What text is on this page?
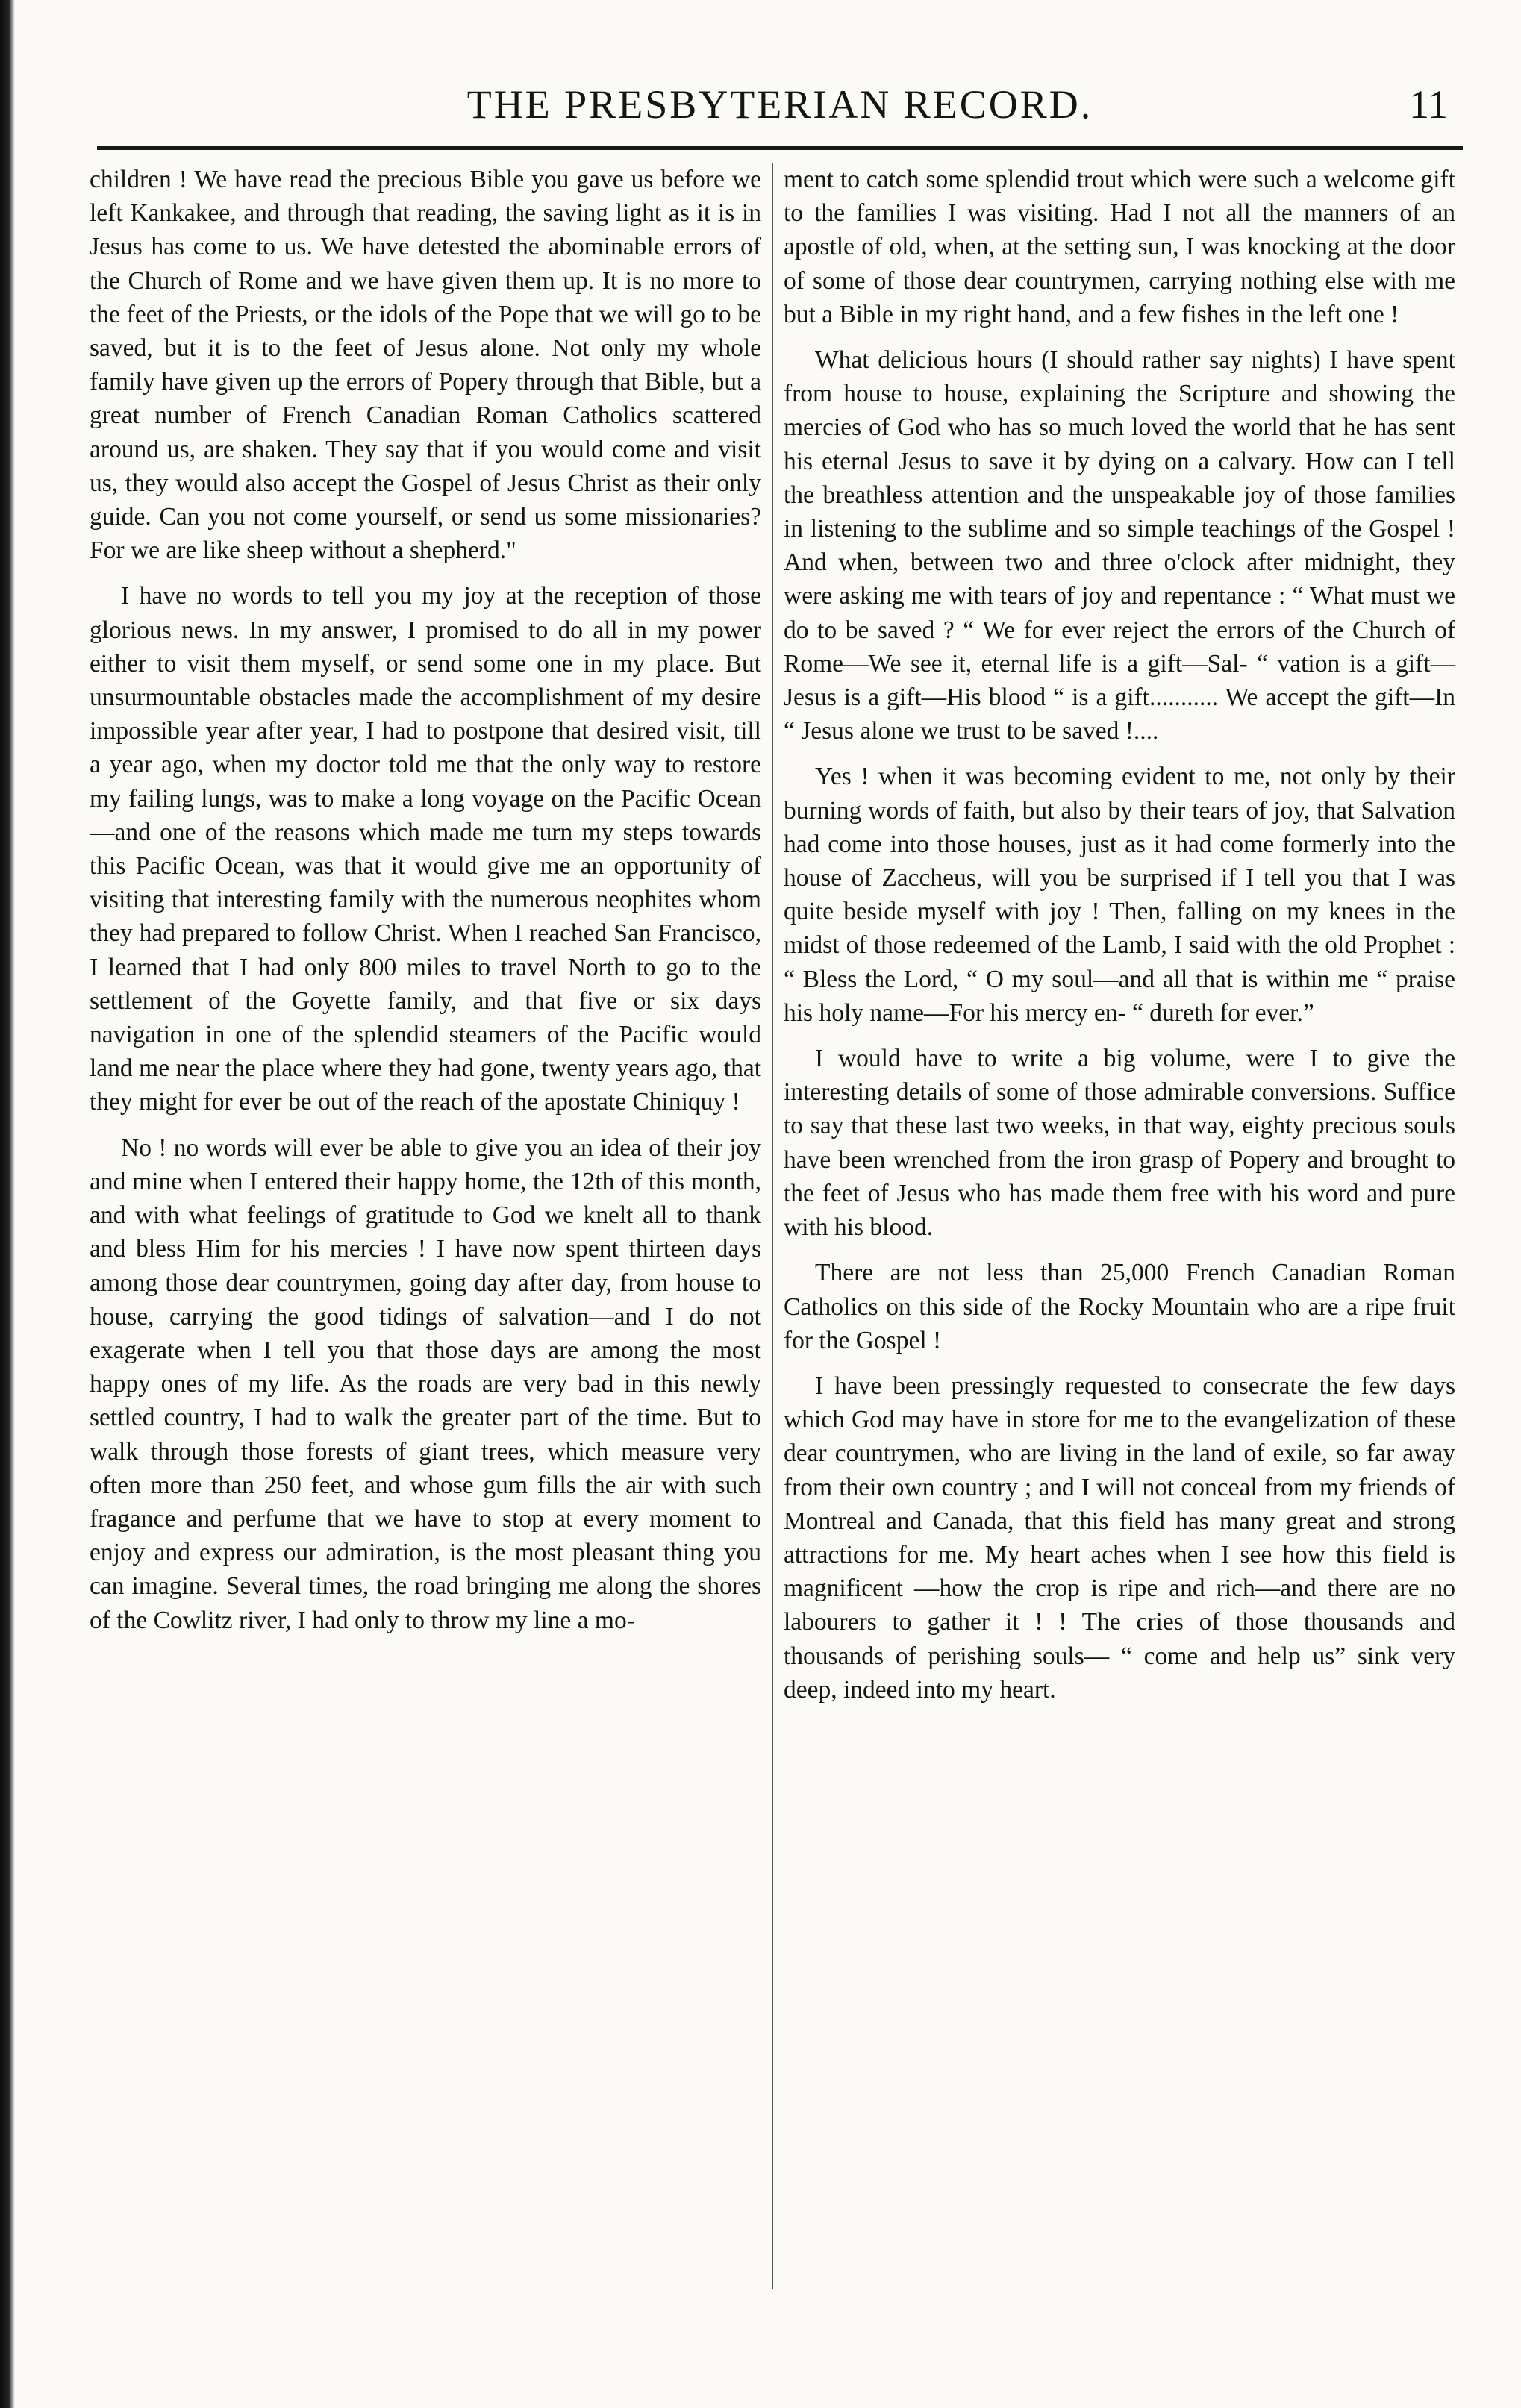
THE PRESBYTERIAN RECORD.	11

children ! We have read the precious Bible you gave us before we left Kankakee, and through that reading, the saving light as it is in Jesus has come to us. We have detested the abominable errors of the Church of Rome and we have given them up. It is no more to the feet of the Priests, or the idols of the Pope that we will go to be saved, but it is to the feet of Jesus alone. Not only my whole family have given up the errors of Popery through that Bible, but a great number of French Canadian Roman Catholics scattered around us, are shaken. They say that if you would come and visit us, they would also accept the Gospel of Jesus Christ as their only guide. Can you not come yourself, or send us some missionaries? For we are like sheep without a shepherd."

I have no words to tell you my joy at the reception of those glorious news. In my answer, I promised to do all in my power either to visit them myself, or send some one in my place. But unsurmountable obstacles made the accomplishment of my desire impossible year after year, I had to postpone that desired visit, till a year ago, when my doctor told me that the only way to restore my failing lungs, was to make a long voyage on the Pacific Ocean—and one of the reasons which made me turn my steps towards this Pacific Ocean, was that it would give me an opportunity of visiting that interesting family with the numerous neophites whom they had prepared to follow Christ. When I reached San Francisco, I learned that I had only 800 miles to travel North to go to the settlement of the Goyette family, and that five or six days navigation in one of the splendid steamers of the Pacific would land me near the place where they had gone, twenty years ago, that they might for ever be out of the reach of the apostate Chiniquy !

No ! no words will ever be able to give you an idea of their joy and mine when I entered their happy home, the 12th of this month, and with what feelings of gratitude to God we knelt all to thank and bless Him for his mercies ! I have now spent thirteen days among those dear countrymen, going day after day, from house to house, carrying the good tidings of salvation—and I do not exagerate when I tell you that those days are among the most happy ones of my life. As the roads are very bad in this newly settled country, I had to walk the greater part of the time. But to walk through those forests of giant trees, which measure very often more than 250 feet, and whose gum fills the air with such fragance and perfume that we have to stop at every moment to enjoy and express our admiration, is the most pleasant thing you can imagine. Several times, the road bringing me along the shores of the Cowlitz river, I had only to throw my line a mo-

ment to catch some splendid trout which were such a welcome gift to the families I was visiting. Had I not all the manners of an apostle of old, when, at the setting sun, I was knocking at the door of some of those dear countrymen, carrying nothing else with me but a Bible in my right hand, and a few fishes in the left one !

What delicious hours (I should rather say nights) I have spent from house to house, explaining the Scripture and showing the mercies of God who has so much loved the world that he has sent his eternal Jesus to save it by dying on a calvary. How can I tell the breathless attention and the unspeakable joy of those families in listening to the sublime and so simple teachings of the Gospel ! And when, between two and three o'clock after midnight, they were asking me with tears of joy and repentance : “ What must we do to be saved ? “ We for ever reject the errors of the Church of Rome—We see it, eternal life is a gift—Sal- “ vation is a gift—Jesus is a gift—His blood “ is a gift........... We accept the gift—In “ Jesus alone we trust to be saved !....

Yes ! when it was becoming evident to me, not only by their burning words of faith, but also by their tears of joy, that Salvation had come into those houses, just as it had come formerly into the house of Zaccheus, will you be surprised if I tell you that I was quite beside myself with joy ! Then, falling on my knees in the midst of those redeemed of the Lamb, I said with the old Prophet : “ Bless the Lord, “ O my soul—and all that is within me “ praise his holy name—For his mercy en- “ dureth for ever.”

I would have to write a big volume, were I to give the interesting details of some of those admirable conversions. Suffice to say that these last two weeks, in that way, eighty precious souls have been wrenched from the iron grasp of Popery and brought to the feet of Jesus who has made them free with his word and pure with his blood.

There are not less than 25,000 French Canadian Roman Catholics on this side of the Rocky Mountain who are a ripe fruit for the Gospel !

I have been pressingly requested to consecrate the few days which God may have in store for me to the evangelization of these dear countrymen, who are living in the land of exile, so far away from their own country ; and I will not conceal from my friends of Montreal and Canada, that this field has many great and strong attractions for me. My heart aches when I see how this field is magnificent —how the crop is ripe and rich—and there are no labourers to gather it ! ! The cries of those thousands and thousands of perishing souls— “ come and help us” sink very deep, indeed into my heart.
